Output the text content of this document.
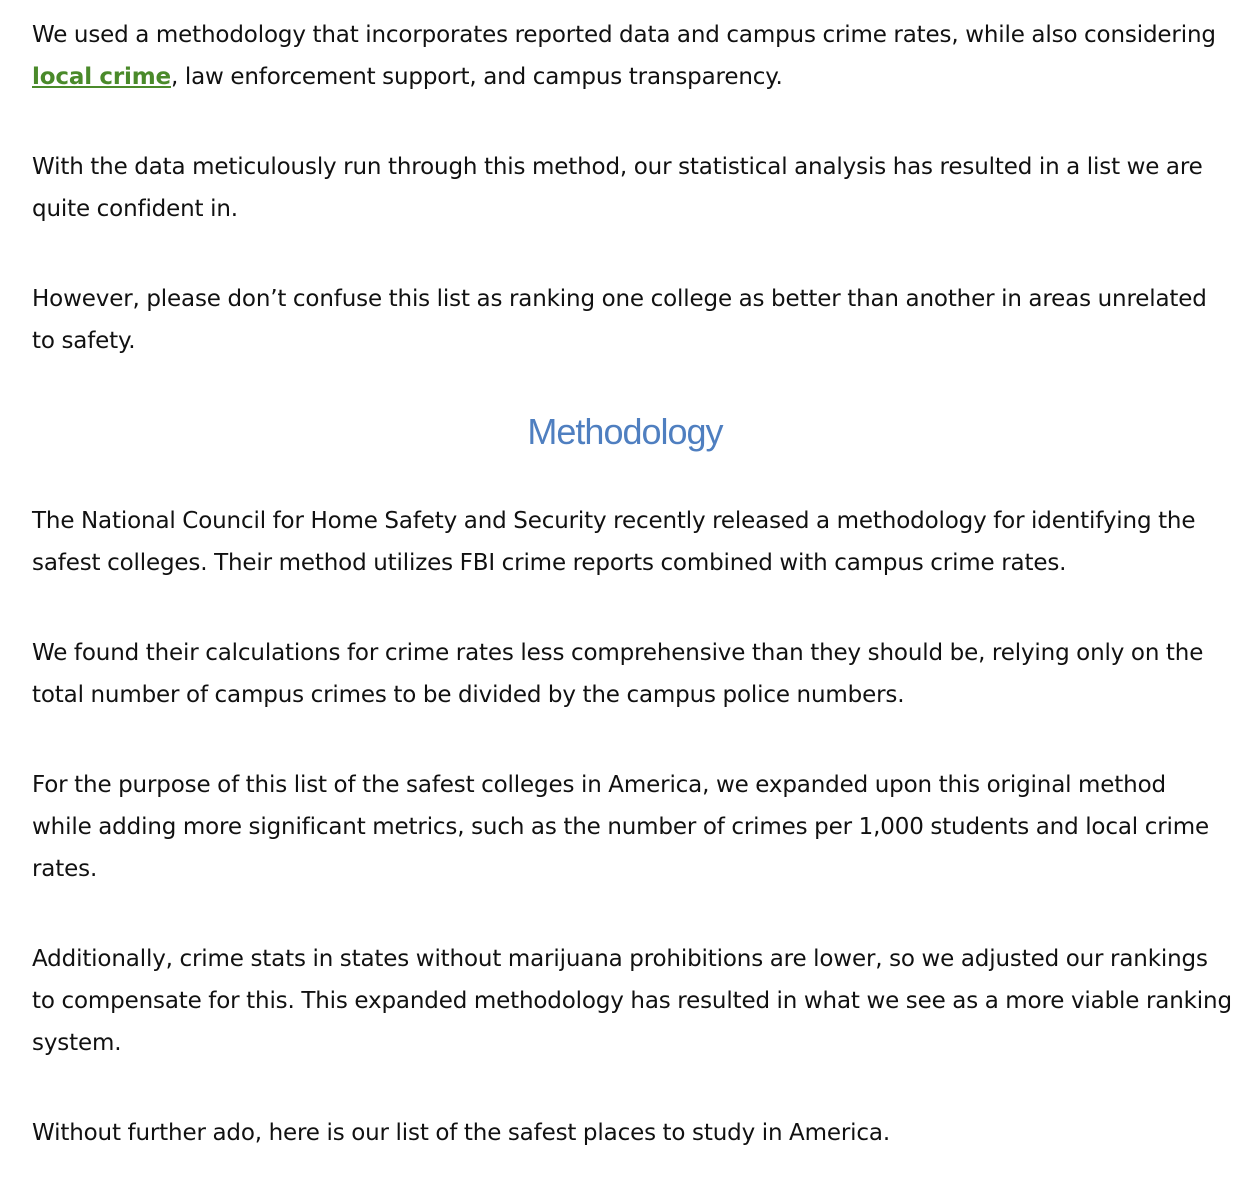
We used a methodology that incorporates reported data and campus crime rates, while also considering local crime, law enforcement support, and campus transparency.

With the data meticulously run through this method, our statistical analysis has resulted in a list we are quite confident in.

However, please don’t confuse this list as ranking one college as better than another in areas unrelated to safety.

Methodology

The National Council for Home Safety and Security recently released a methodology for identifying the safest colleges. Their method utilizes FBI crime reports combined with campus crime rates.

We found their calculations for crime rates less comprehensive than they should be, relying only on the total number of campus crimes to be divided by the campus police numbers.

For the purpose of this list of the safest colleges in America, we expanded upon this original method while adding more significant metrics, such as the number of crimes per 1,000 students and local crime rates.

Additionally, crime stats in states without marijuana prohibitions are lower, so we adjusted our rankings to compensate for this. This expanded methodology has resulted in what we see as a more viable ranking system.

Without further ado, here is our list of the safest places to study in America.
